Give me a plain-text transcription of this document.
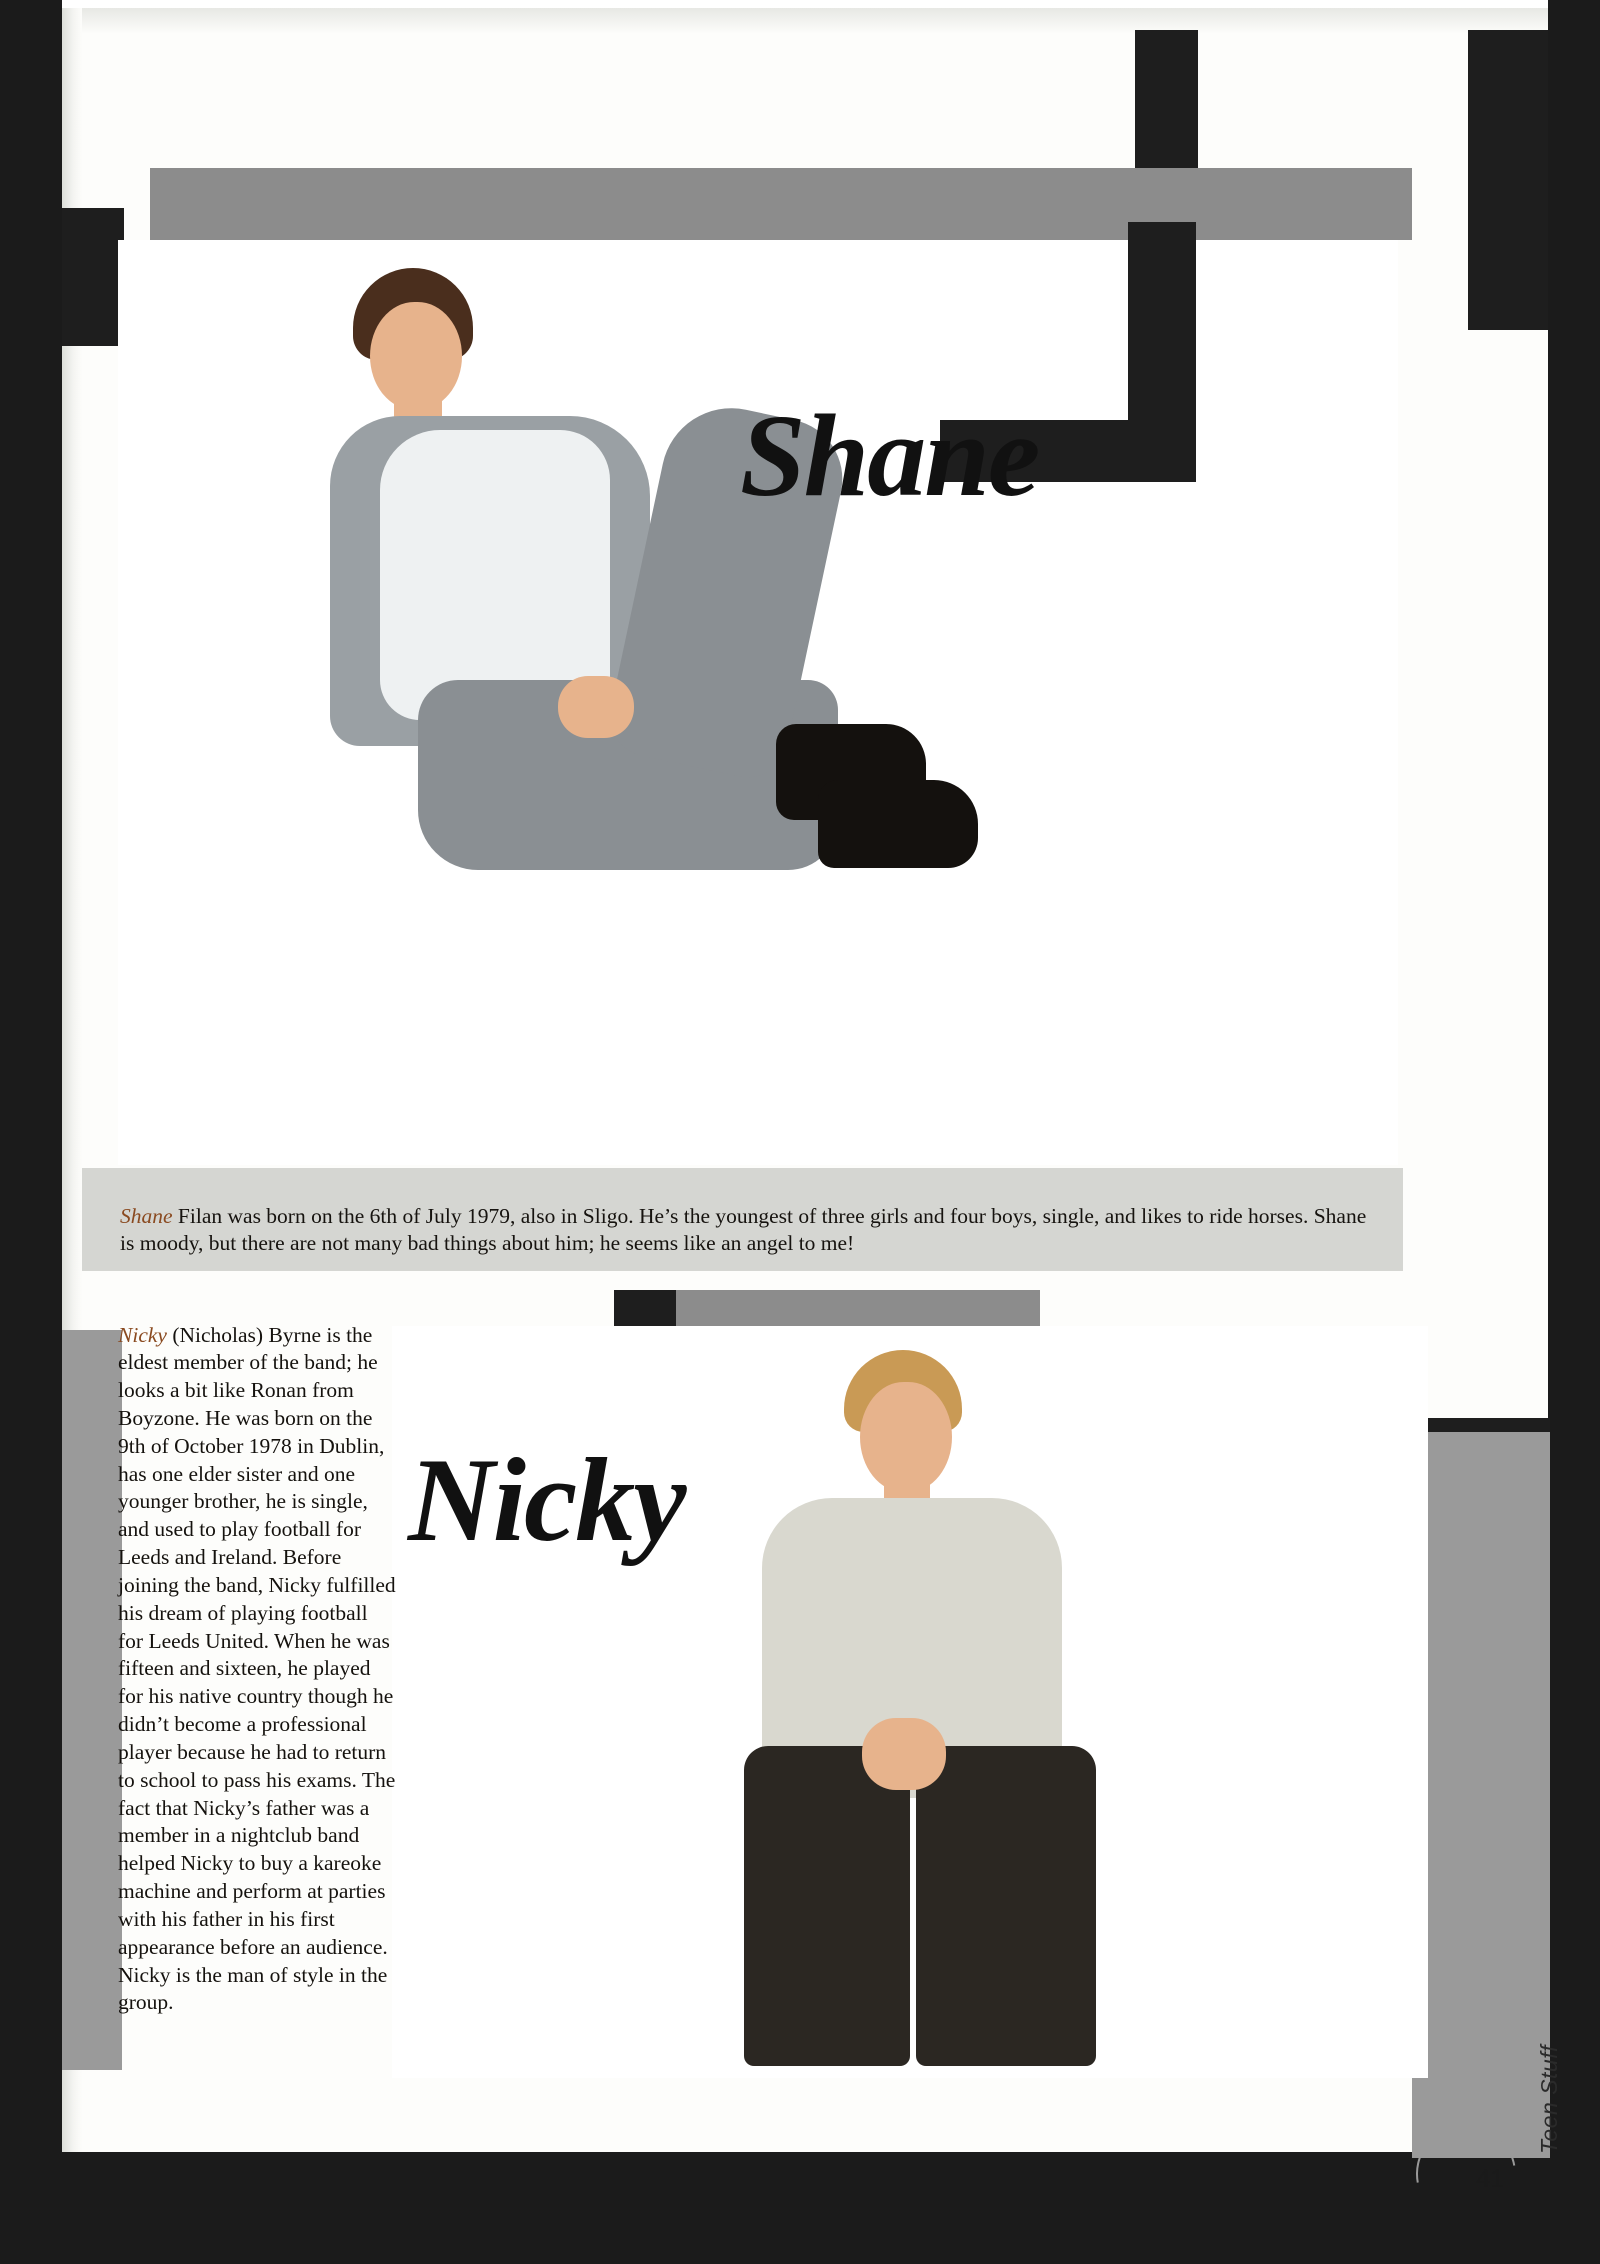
Shane

Shane Filan was born on the 6th of July 1979, also in Sligo. He’s the youngest of three girls and four boys, single, and likes to ride horses. Shane is moody, but there are not many bad things about him; he seems like an angel to me!

Nicky

Nicky (Nicholas) Byrne is the eldest member of the band; he looks a bit like Ronan from Boyzone. He was born on the 9th of October 1978 in Dublin, has one elder sister and one younger brother, he is single, and used to play football for Leeds and Ireland. Before joining the band, Nicky fulfilled his dream of playing football for Leeds United. When he was fifteen and sixteen, he played for his native country though he didn’t become a professional player because he had to return to school to pass his exams. The fact that Nicky’s father was a member in a nightclub band helped Nicky to buy a kareoke machine and perform at parties with his father in his first appearance before an audience. Nicky is the man of style in the group.

41
Teen Stuff
